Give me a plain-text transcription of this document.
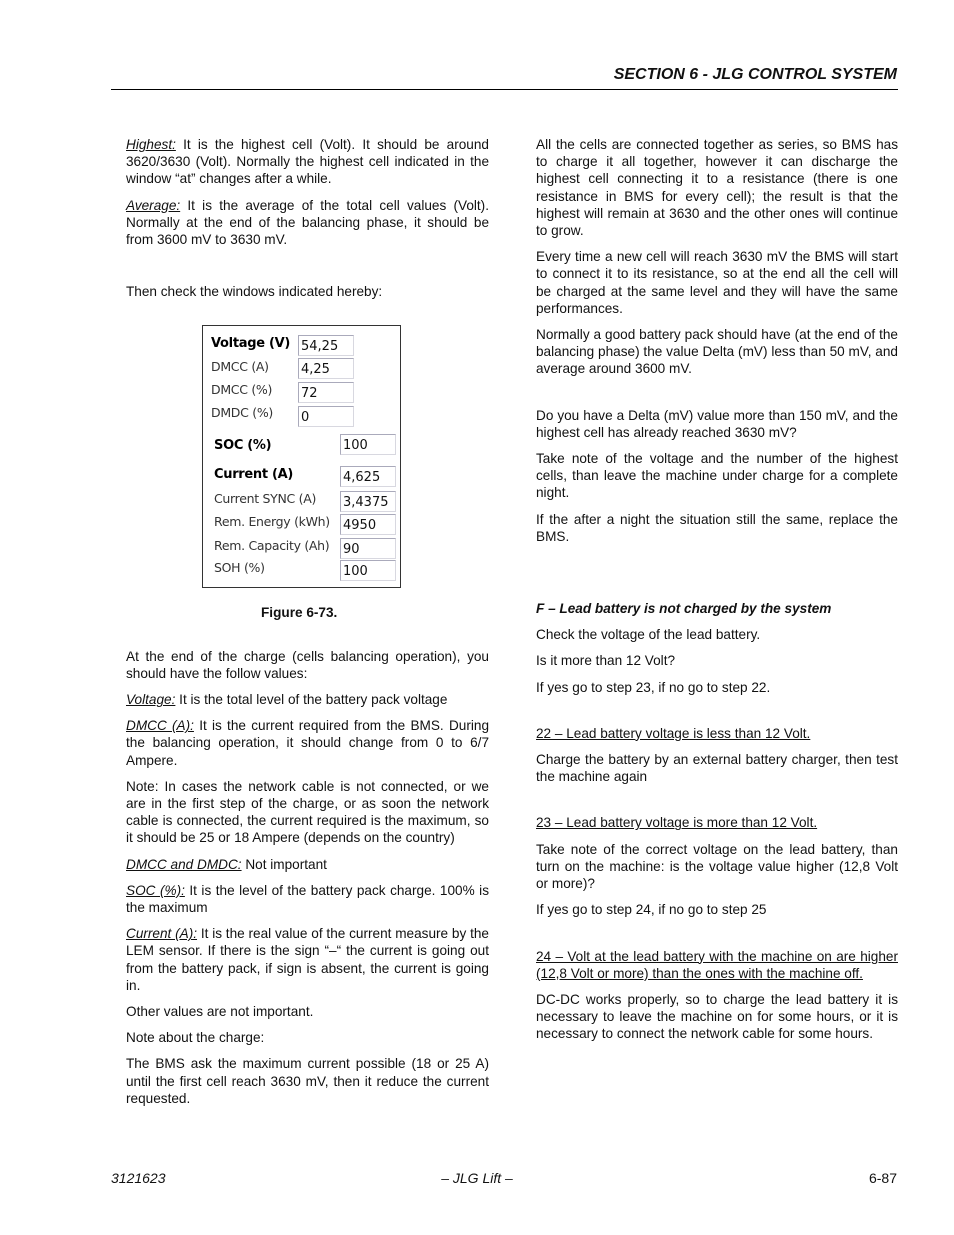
SECTION 6 - JLG CONTROL SYSTEM

Highest: It is the highest cell (Volt). It should be around 3620/3630 (Volt). Normally the highest cell indicated in the window “at” changes after a while.

Average: It is the average of the total cell values (Volt). Normally at the end of the balancing phase, it should be from 3600 mV to 3630 mV.

Then check the windows indicated hereby:

Voltage (V) 54,25
DMCC (A) 4,25
DMCC (%) 72
DMDC (%) 0
SOC (%)	100
Current (A)	4,625
Current SYNC (A) 3,4375
Rem. Energy (kWh) 4950
Rem. Capacity (Ah) 90
SOH (%)	100
Figure 6-73.

At the end of the charge (cells balancing operation), you should have the follow values:

Voltage: It is the total level of the battery pack voltage

DMCC (A): It is the current required from the BMS. During the balancing operation, it should change from 0 to 6/7 Ampere.

Note: In cases the network cable is not connected, or we are in the first step of the charge, or as soon the network cable is connected, the current required is the maximum, so it should be 25 or 18 Ampere (depends on the country)

DMCC and DMDC: Not important

SOC (%): It is the level of the battery pack charge. 100% is the maximum

Current (A): It is the real value of the current measure by the LEM sensor. If there is the sign “–“ the current is going out from the battery pack, if sign is absent, the current is going in.

Other values are not important.

Note about the charge:

The BMS ask the maximum current possible (18 or 25 A) until the first cell reach 3630 mV, then it reduce the current requested.

All the cells are connected together as series, so BMS has to charge it all together, however it can discharge the highest cell connecting it to a resistance (there is one resistance in BMS for every cell); the result is that the highest will remain at 3630 and the other ones will continue to grow.

Every time a new cell will reach 3630 mV the BMS will start to connect it to its resistance, so at the end all the cell will be charged at the same level and they will have the same performances.

Normally a good battery pack should have (at the end of the balancing phase) the value Delta (mV) less than 50 mV, and average around 3600 mV.

Do you have a Delta (mV) value more than 150 mV, and the highest cell has already reached 3630 mV?

Take note of the voltage and the number of the highest cells, than leave the machine under charge for a complete night.

If the after a night the situation still the same, replace the BMS.

F – Lead battery is not charged by the system

Check the voltage of the lead battery.

Is it more than 12 Volt?

If yes go to step 23, if no go to step 22.

22 – Lead battery voltage is less than 12 Volt.

Charge the battery by an external battery charger, then test the machine again

23 – Lead battery voltage is more than 12 Volt.

Take note of the correct voltage on the lead battery, than turn on the machine: is the voltage value higher (12,8 Volt or more)?

If yes go to step 24, if no go to step 25

24 – Volt at the lead battery with the machine on are higher (12,8 Volt or more) than the ones with the machine off.

DC-DC works properly, so to charge the lead battery it is necessary to leave the machine on for some hours, or it is necessary to connect the network cable for some hours.

3121623	– JLG Lift –	6-87
